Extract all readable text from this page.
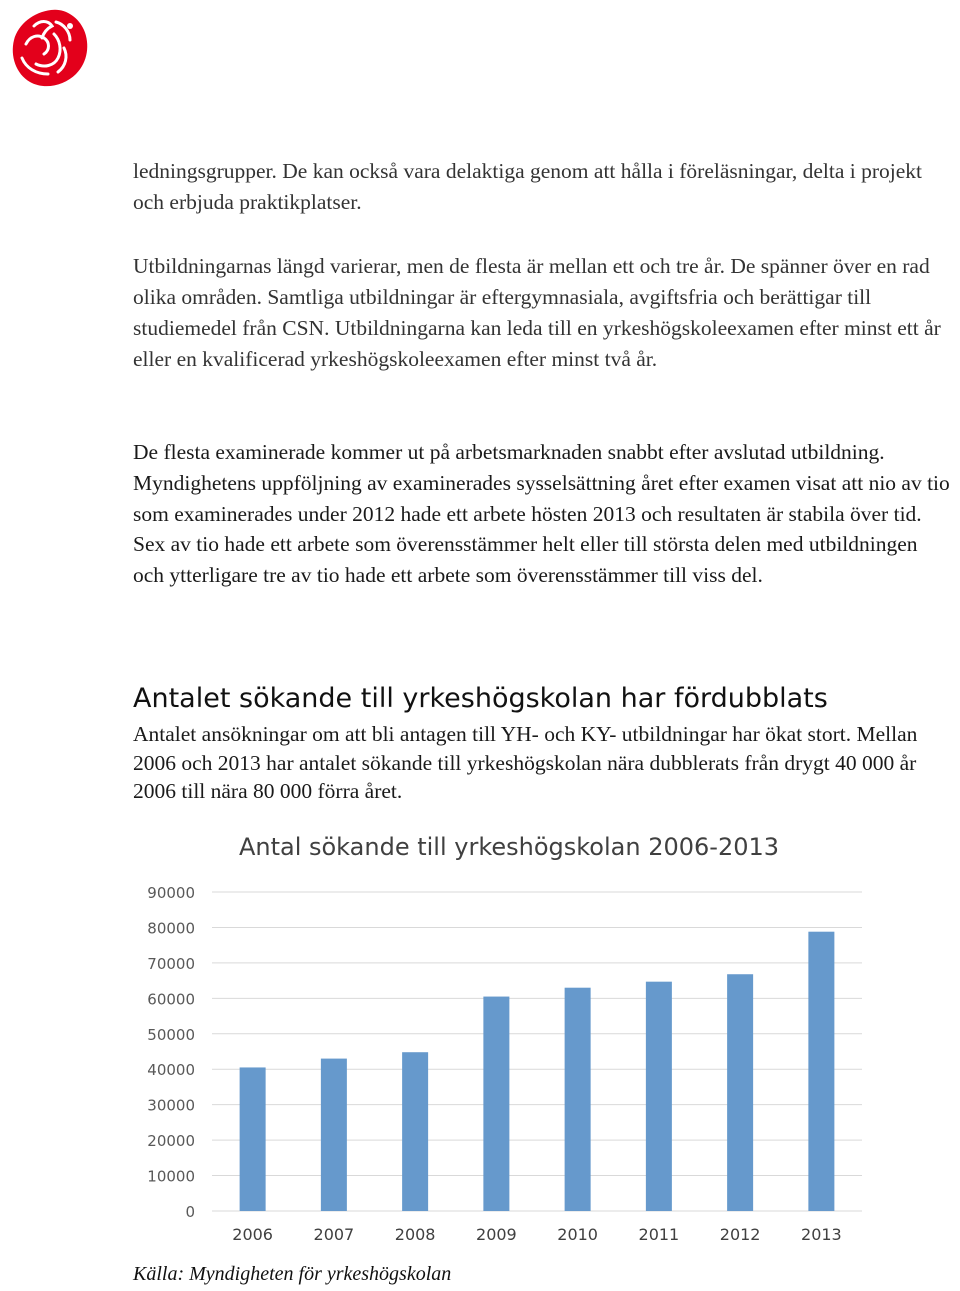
ledningsgrupper. De kan också vara delaktiga genom att hålla i föreläsningar, delta i projekt och erbjuda praktikplatser.

Utbildningarnas längd varierar, men de flesta är mellan ett och tre år. De spänner över en rad olika områden. Samtliga utbildningar är eftergymnasiala, avgiftsfria och berättigar till studiemedel från CSN. Utbildningarna kan leda till en yrkeshögskoleexamen efter minst ett år eller en kvalificerad yrkeshögskoleexamen efter minst två år.

De flesta examinerade kommer ut på arbetsmarknaden snabbt efter avslutad utbildning. Myndighetens uppföljning av examinerades sysselsättning året efter examen visat att nio av tio som examinerades under 2012 hade ett arbete hösten 2013 och resultaten är stabila över tid. Sex av tio hade ett arbete som överensstämmer helt eller till största delen med utbildningen och ytterligare tre av tio hade ett arbete som överensstämmer till viss del.

Antalet sökande till yrkeshögskolan har fördubblats

Antalet ansökningar om att bli antagen till YH- och KY- utbildningar har ökat stort. Mellan 2006 och 2013 har antalet sökande till yrkeshögskolan nära dubblerats från drygt 40 000 år 2006 till nära 80 000 förra året.

Antal sökande till yrkeshögskolan 2006-2013
0
10000
20000
30000
40000
50000
60000
70000
80000
90000
2006	2007	2008	2009	2010	2011	2012	2013

Källa: Myndigheten för yrkeshögskolan
